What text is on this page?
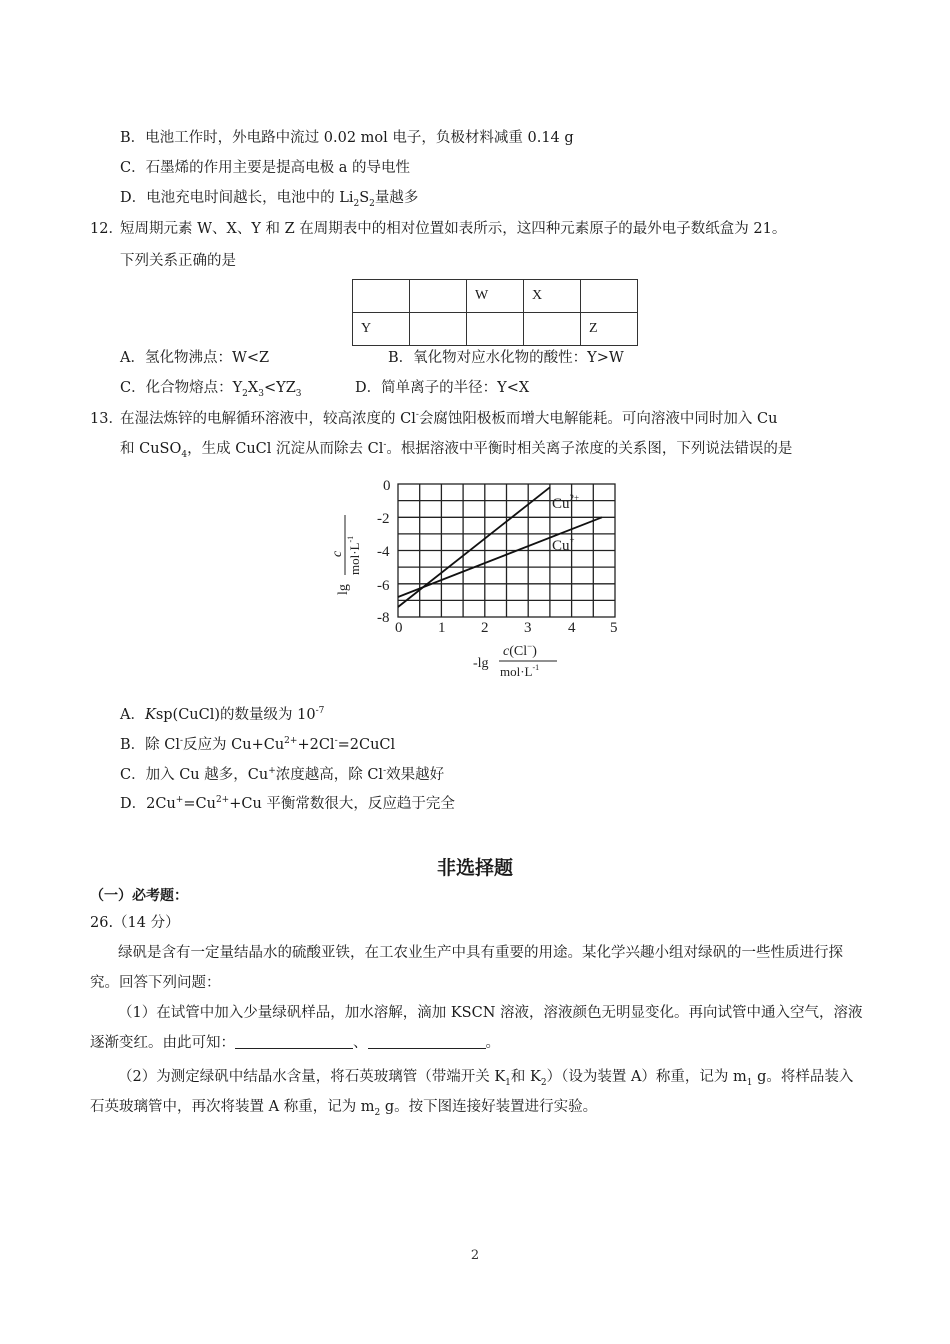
B．电池工作时，外电路中流过 0.02 mol 电子，负极材料减重 0.14 g
C．石墨烯的作用主要是提高电极 a 的导电性
D．电池充电时间越长，电池中的 $Li_2S_2$量越多
12．
短周期元素 W、X、Y 和 Z 在周期表中的相对位置如表所示，这四种元素原子的最外电子数纸盒为 21。
下列关系正确的是
		W	X	
Y				Z
A．氢化物沸点：W<Z	B．氧化物对应水化物的酸性：Y>W
C．化合物熔点：$Y_2X_3<YZ_3$	D．简单离子的半径：Y<X
13．
在湿法炼锌的电解循环溶液中，较高浓度的 Cl-会腐蚀阳极板而增大电解能耗。可向溶液中同时加入 Cu
和 CuSO$_4$，生成 CuCl 沉淀从而除去 Cl-。根据溶液中平衡时相关离子浓度的关系图，下列说法错误的是
$Cu^{2+}$
Cu+
0
-2
-4
-6
-8
0 1 2 3 4 5
-lg
c(Cl−)
$mol\cdot L^{-1}$
lg
c $mol\cdot L^{-1}$
A．Ksp(CuCl)的数量级为 $10^{-7}$
B．除 Cl-反应为 $Cu+Cu^{2+}+2Cl^-=2CuCl$
C．加入 Cu 越多，Cu+浓度越高，除 Cl-效果越好
D．$2Cu^+=Cu^{2+}+Cu$ 平衡常数很大，反应趋于完全
非选择题
（一）必考题：
26.（14 分）
绿矾是含有一定量结晶水的硫酸亚铁，在工农业生产中具有重要的用途。某化学兴趣小组对绿矾的一些性质进行探究。回答下列问题：
（1）在试管中加入少量绿矾样品，加水溶解，滴加 KSCN 溶液，溶液颜色无明显变化。再向试管中通入空气，溶液逐渐变红。由此可知：	、	。
（2）为测定绿矾中结晶水含量，将石英玻璃管（带端开关 $K_1$和 $K_2$）（设为装置 A）称重，记为 $m_1$ g。将样品装入石英玻璃管中，再次将装置 A 称重，记为 $m_2$ g。按下图连接好装置进行实验。
2
